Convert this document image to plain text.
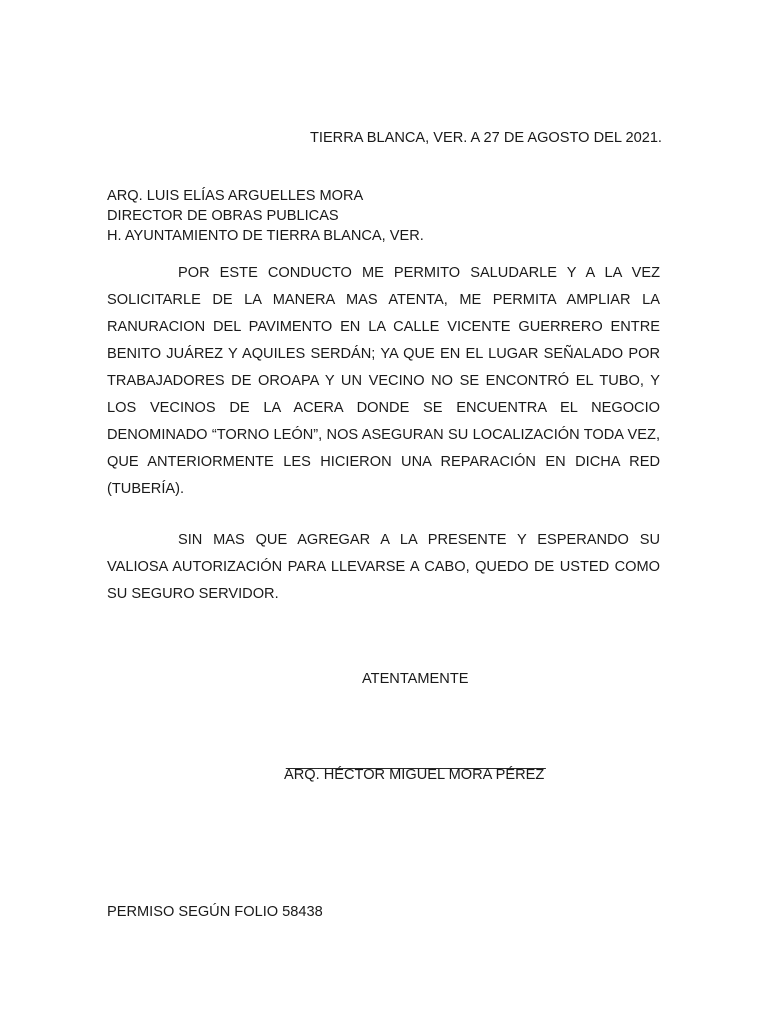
TIERRA BLANCA, VER. A 27 DE AGOSTO DEL 2021.
ARQ. LUIS ELÍAS ARGUELLES MORA
DIRECTOR DE OBRAS PUBLICAS
H. AYUNTAMIENTO DE TIERRA BLANCA, VER.
POR ESTE CONDUCTO ME PERMITO SALUDARLE Y A LA VEZ SOLICITARLE DE LA MANERA MAS ATENTA, ME PERMITA AMPLIAR LA RANURACION DEL PAVIMENTO EN LA CALLE VICENTE GUERRERO ENTRE BENITO JUÁREZ Y AQUILES SERDÁN; YA QUE EN EL LUGAR SEÑALADO POR TRABAJADORES DE OROAPA Y UN VECINO NO SE ENCONTRÓ EL TUBO, Y LOS VECINOS DE LA ACERA DONDE SE ENCUENTRA EL NEGOCIO DENOMINADO “TORNO LEÓN”, NOS ASEGURAN SU LOCALIZACIÓN TODA VEZ, QUE ANTERIORMENTE LES HICIERON UNA REPARACIÓN EN DICHA RED (TUBERÍA).
SIN MAS QUE AGREGAR A LA PRESENTE Y ESPERANDO SU VALIOSA AUTORIZACIÓN PARA LLEVARSE A CABO, QUEDO DE USTED COMO SU SEGURO SERVIDOR.
ATENTAMENTE
________________________________
ARQ. HÉCTOR MIGUEL MORA PÉREZ
PERMISO SEGÚN FOLIO 58438
